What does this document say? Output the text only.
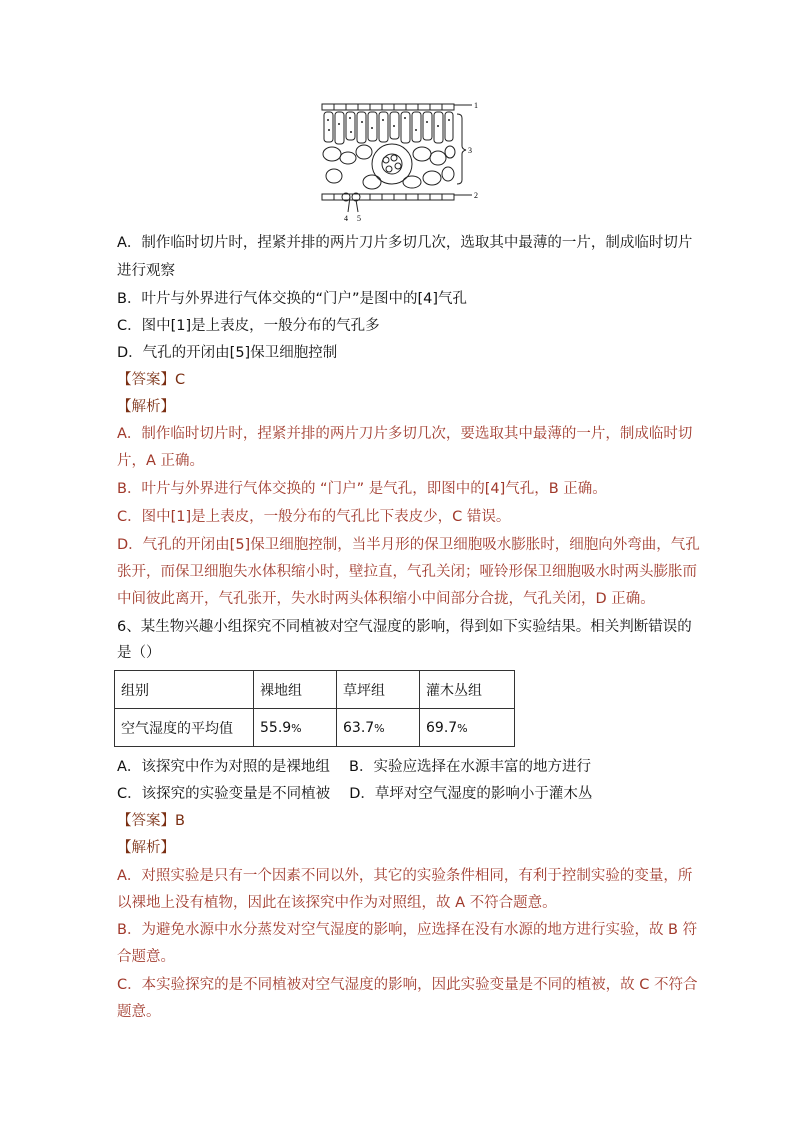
1
3
2
4 5
A．制作临时切片时，捏紧并排的两片刀片多切几次，选取其中最薄的一片，制成临时切片
进行观察
B．叶片与外界进行气体交换的“门户”是图中的[4]气孔
C．图中[1]是上表皮，一般分布的气孔多
D．气孔的开闭由[5]保卫细胞控制
【答案】C
【解析】
A．制作临时切片时，捏紧并排的两片刀片多切几次，要选取其中最薄的一片，制成临时切
片，A 正确。
B．叶片与外界进行气体交换的 “门户” 是气孔，即图中的[4]气孔，B 正确。
C．图中[1]是上表皮，一般分布的气孔比下表皮少，C 错误。
D．气孔的开闭由[5]保卫细胞控制，当半月形的保卫细胞吸水膨胀时，细胞向外弯曲，气孔
张开，而保卫细胞失水体积缩小时，壁拉直，气孔关闭；哑铃形保卫细胞吸水时两头膨胀而
中间彼此离开，气孔张开，失水时两头体积缩小中间部分合拢，气孔关闭，D 正确。
6、某生物兴趣小组探究不同植被对空气湿度的影响，得到如下实验结果。相关判断错误的
是（）
组别	裸地组	草坪组	灌木丛组
空气湿度的平均值	55.9%	63.7%	69.7%
A．该探究中作为对照的是裸地组　 B．实验应选择在水源丰富的地方进行
C．该探究的实验变量是不同植被　 D．草坪对空气湿度的影响小于灌木丛
【答案】B
【解析】
A．对照实验是只有一个因素不同以外，其它的实验条件相同，有利于控制实验的变量，所
以裸地上没有植物，因此在该探究中作为对照组，故 A 不符合题意。
B．为避免水源中水分蒸发对空气湿度的影响，应选择在没有水源的地方进行实验，故 B 符
合题意。
C．本实验探究的是不同植被对空气湿度的影响，因此实验变量是不同的植被，故 C 不符合
题意。
